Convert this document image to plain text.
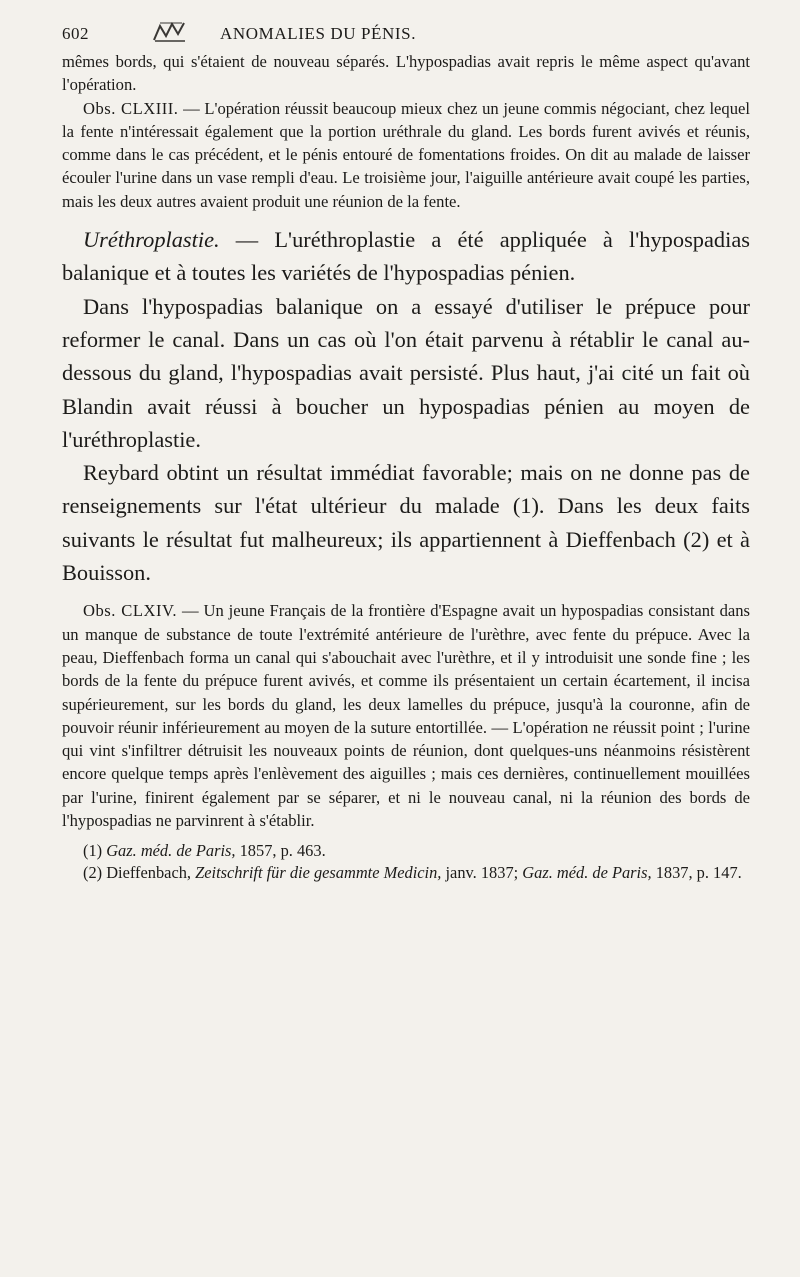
602	ANOMALIES DU PÉNIS.

mêmes bords, qui s'étaient de nouveau séparés. L'hypospadias avait repris le même aspect qu'avant l'opération.

Obs. CLXIII. — L'opération réussit beaucoup mieux chez un jeune commis négociant, chez lequel la fente n'intéressait également que la portion uréthrale du gland. Les bords furent avivés et réunis, comme dans le cas précédent, et le pénis entouré de fomentations froides. On dit au malade de laisser écouler l'urine dans un vase rempli d'eau. Le troisième jour, l'aiguille antérieure avait coupé les parties, mais les deux autres avaient produit une réunion de la fente.

Uréthroplastie. — L'uréthroplastie a été appliquée à l'hypospadias balanique et à toutes les variétés de l'hypospadias pénien.

Dans l'hypospadias balanique on a essayé d'utiliser le prépuce pour reformer le canal. Dans un cas où l'on était parvenu à rétablir le canal au-dessous du gland, l'hypospadias avait persisté. Plus haut, j'ai cité un fait où Blandin avait réussi à boucher un hypospadias pénien au moyen de l'uréthroplastie.

Reybard obtint un résultat immédiat favorable; mais on ne donne pas de renseignements sur l'état ultérieur du malade (1). Dans les deux faits suivants le résultat fut malheureux; ils appartiennent à Dieffenbach (2) et à Bouisson.

Obs. CLXIV. — Un jeune Français de la frontière d'Espagne avait un hypospadias consistant dans un manque de substance de toute l'extrémité antérieure de l'urèthre, avec fente du prépuce. Avec la peau, Dieffenbach forma un canal qui s'abouchait avec l'urèthre, et il y introduisit une sonde fine ; les bords de la fente du prépuce furent avivés, et comme ils présentaient un certain écartement, il incisa supérieurement, sur les bords du gland, les deux lamelles du prépuce, jusqu'à la couronne, afin de pouvoir réunir inférieurement au moyen de la suture entortillée. — L'opération ne réussit point ; l'urine qui vint s'infiltrer détruisit les nouveaux points de réunion, dont quelques-uns néanmoins résistèrent encore quelque temps après l'enlèvement des aiguilles ; mais ces dernières, continuellement mouillées par l'urine, finirent également par se séparer, et ni le nouveau canal, ni la réunion des bords de l'hypospadias ne parvinrent à s'établir.

(1) Gaz. méd. de Paris, 1857, p. 463.

(2) Dieffenbach, Zeitschrift für die gesammte Medicin, janv. 1837; Gaz. méd. de Paris, 1837, p. 147.
